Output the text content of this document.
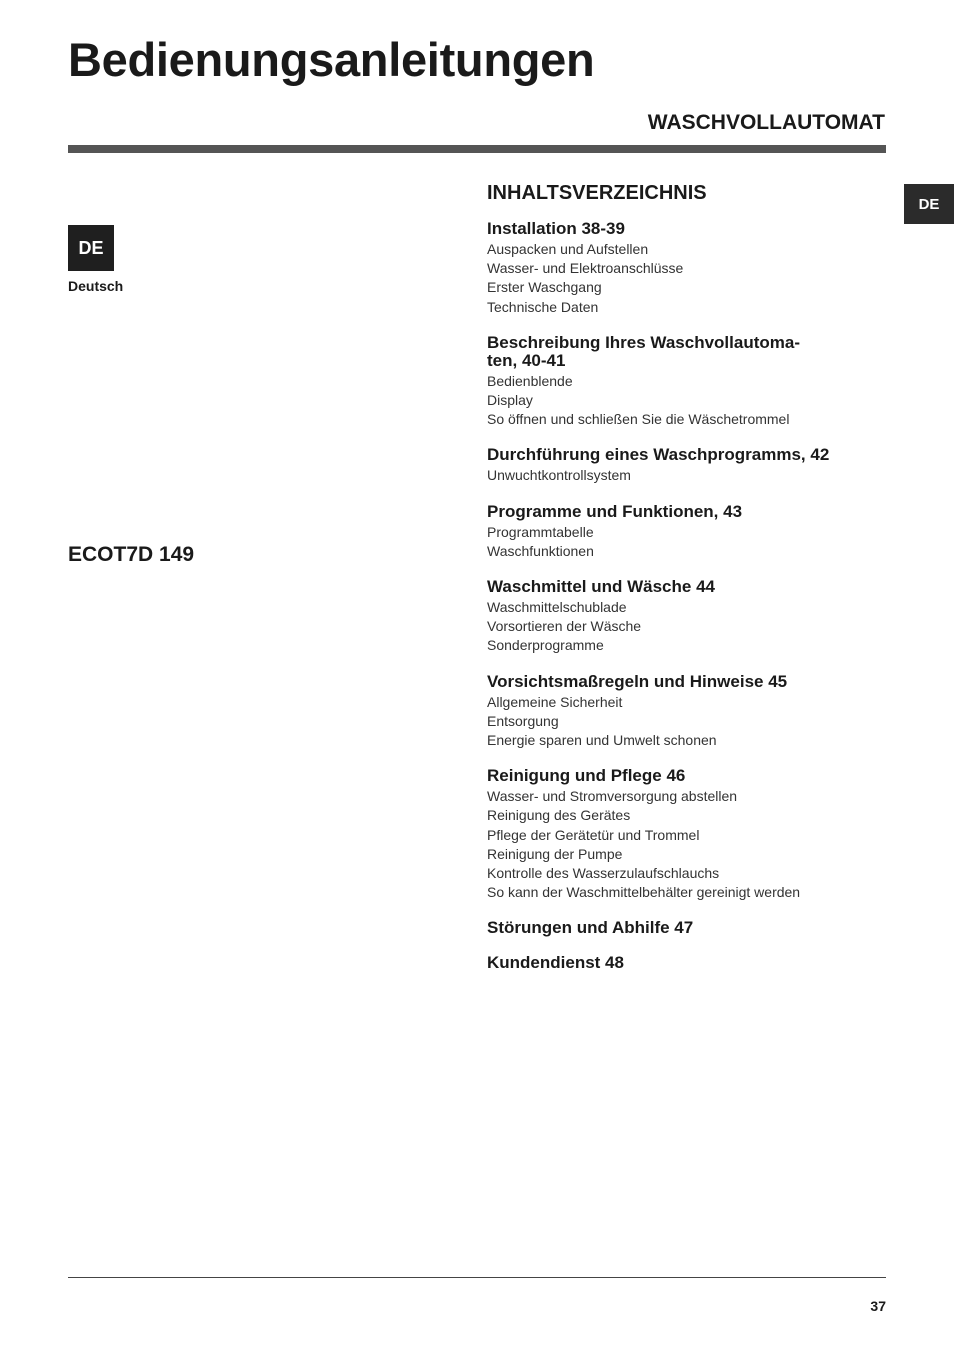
Bedienungsanleitungen
WASCHVOLLAUTOMAT
DE
DE
Deutsch
ECOT7D 149
INHALTSVERZEICHNIS
Installation 38-39
Auspacken und Aufstellen
Wasser- und Elektroanschlüsse
Erster Waschgang
Technische Daten
Beschreibung Ihres Waschvollautoma-
ten, 40-41
Bedienblende
Display
So öffnen und schließen Sie die Wäschetrommel
Durchführung eines Waschprogramms, 42
Unwuchtkontrollsystem
Programme und Funktionen, 43
Programmtabelle
Waschfunktionen
Waschmittel und Wäsche 44
Waschmittelschublade
Vorsortieren der Wäsche
Sonderprogramme
Vorsichtsmaßregeln und Hinweise 45
Allgemeine Sicherheit
Entsorgung
Energie sparen und Umwelt schonen
Reinigung und Pflege 46
Wasser- und Stromversorgung abstellen
Reinigung des Gerätes
Pflege der Gerätetür und Trommel
Reinigung der Pumpe
Kontrolle des Wasserzulaufschlauchs
So kann der Waschmittelbehälter gereinigt werden
Störungen und Abhilfe 47
Kundendienst 48
37
